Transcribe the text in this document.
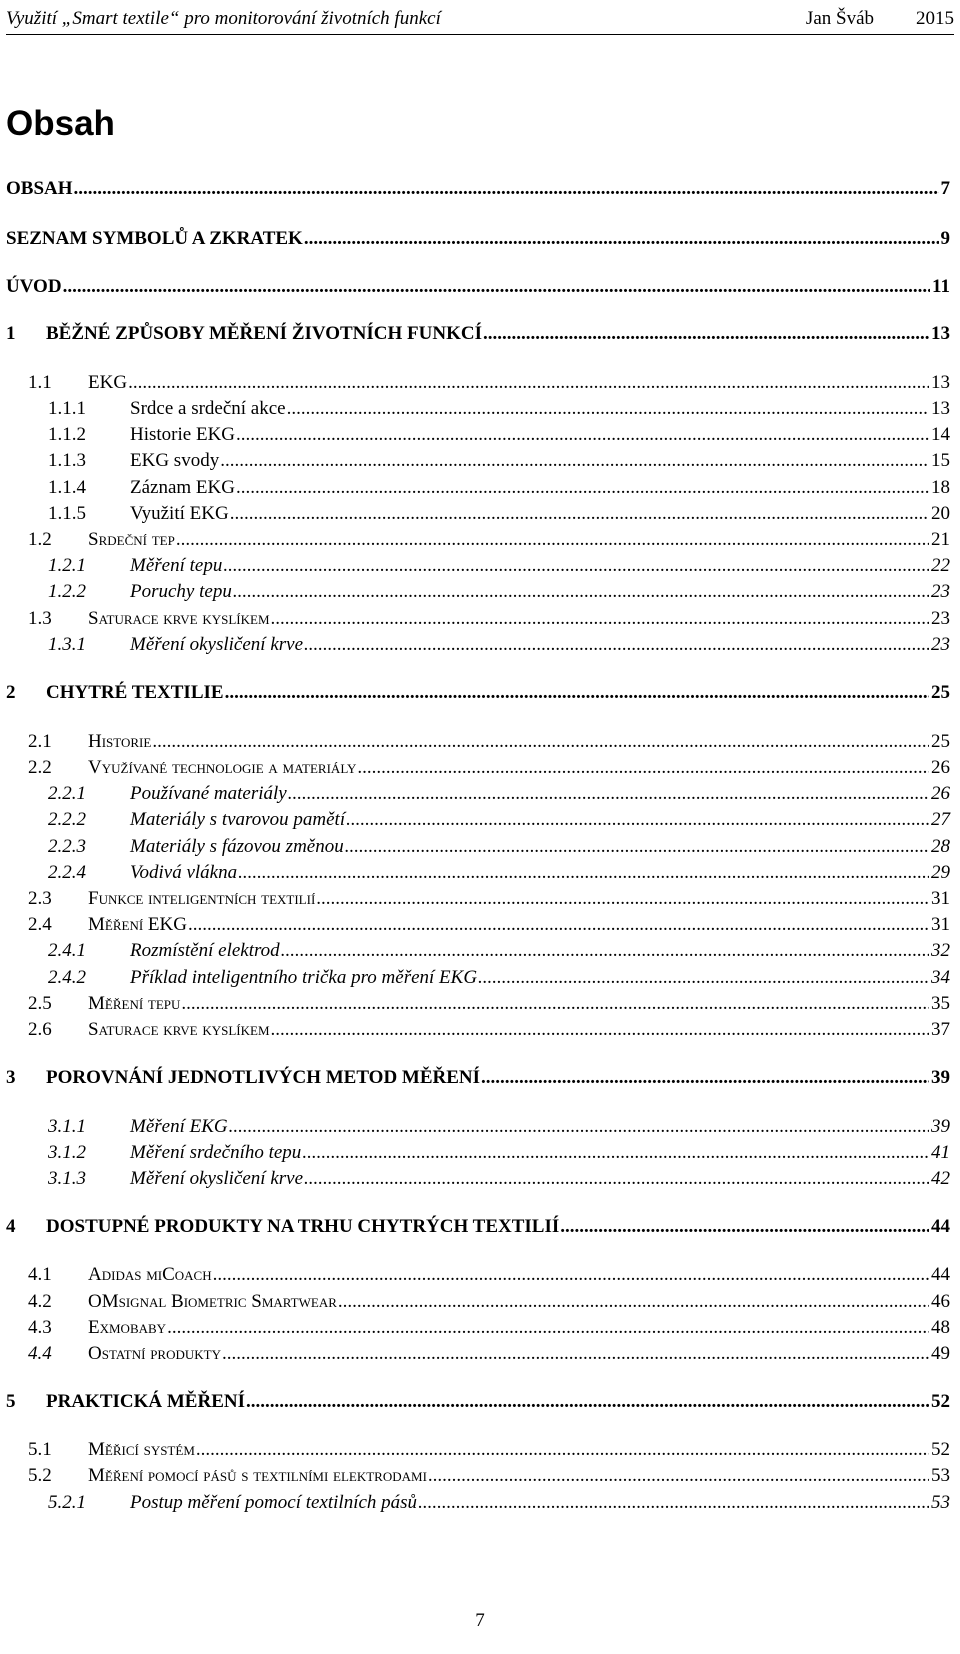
Využití „Smart textile“ pro monitorování životních funkcí	Jan Šváb 2015
Obsah
OBSAH .....	7
SEZNAM SYMBOLŮ A ZKRATEK .....	9
ÚVOD .....	11
1 BĚŽNÉ ZPŮSOBY MĚŘENÍ ŽIVOTNÍCH FUNKCÍ .....	13
1.1 EKG .....	13
1.1.1 Srdce a srdeční akce .....	13
1.1.2 Historie EKG .....	14
1.1.3 EKG svody .....	15
1.1.4 Záznam EKG .....	18
1.1.5 Využití EKG .....	20
1.2 Srdeční tep .....	21
1.2.1 Měření tepu .....	22
1.2.2 Poruchy tepu .....	23
1.3 Saturace krve kyslíkem .....	23
1.3.1 Měření okysličení krve .....	23
2 CHYTRÉ TEXTILIE .....	25
2.1 Historie .....	25
2.2 Využívané technologie a materiály .....	26
2.2.1 Používané materiály .....	26
2.2.2 Materiály s tvarovou pamětí .....	27
2.2.3 Materiály s fázovou změnou .....	28
2.2.4 Vodivá vlákna .....	29
2.3 Funkce inteligentních textilií .....	31
2.4 Měření EKG .....	31
2.4.1 Rozmístění elektrod .....	32
2.4.2 Příklad inteligentního trička pro měření EKG .....	34
2.5 Měření tepu .....	35
2.6 Saturace krve kyslíkem .....	37
3 POROVNÁNÍ JEDNOTLIVÝCH METOD MĚŘENÍ .....	39
3.1.1 Měření EKG .....	39
3.1.2 Měření srdečního tepu .....	41
3.1.3 Měření okysličení krve .....	42
4 DOSTUPNÉ PRODUKTY NA TRHU CHYTRÝCH TEXTILIÍ .....	44
4.1 Adidas miCoach .....	44
4.2 OMsignal Biometric Smartwear .....	46
4.3 Exmobaby .....	48
4.4 Ostatní produkty .....	49
5 PRAKTICKÁ MĚŘENÍ .....	52
5.1 Měřicí systém .....	52
5.2 Měření pomocí pásů s textilními elektrodami .....	53
5.2.1 Postup měření pomocí textilních pásů .....	53
7
